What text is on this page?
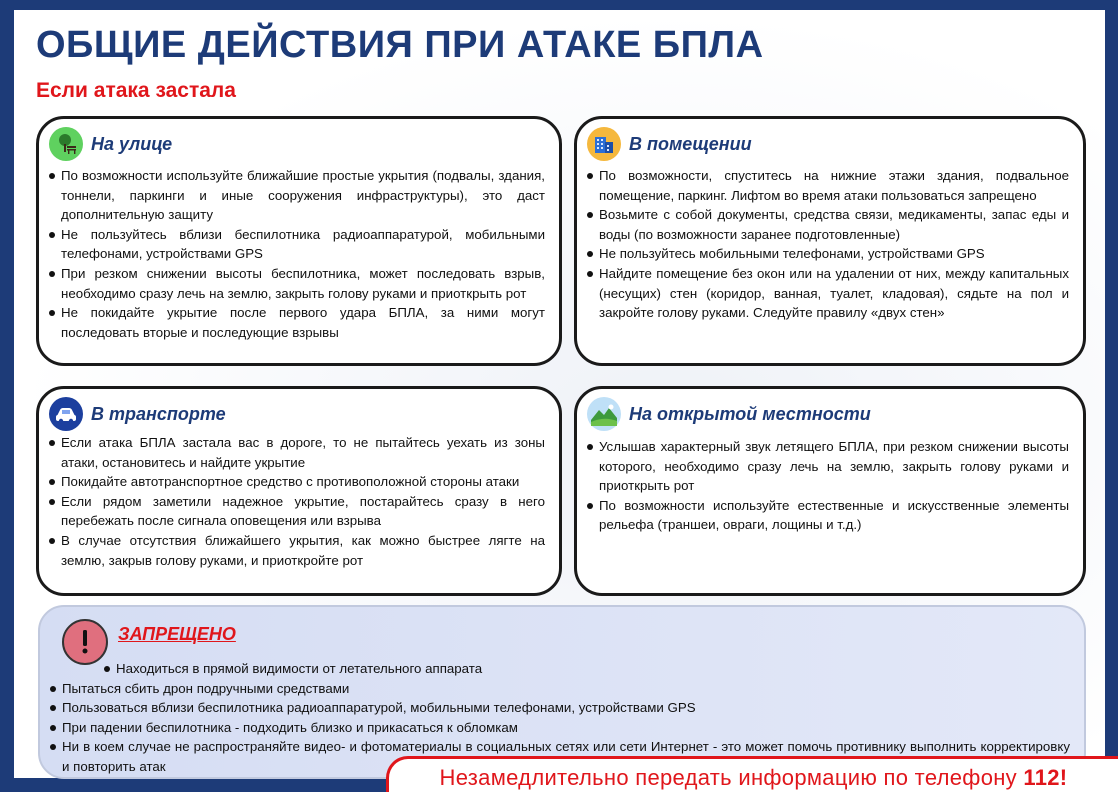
ОБЩИЕ ДЕЙСТВИЯ ПРИ АТАКЕ БПЛА
Если атака застала
На улице
По возможности используйте ближайшие простые укрытия (подвалы, здания, тоннели, паркинги и иные сооружения инфраструктуры), это даст дополнительную защиту
Не пользуйтесь вблизи беспилотника радиоаппаратурой, мобильными телефонами, устройствами GPS
При резком снижении высоты беспилотника, может последовать взрыв, необходимо сразу лечь на землю, закрыть голову руками и приоткрыть рот
Не покидайте укрытие после первого удара БПЛА, за ними могут последовать вторые и последующие взрывы
В помещении
По возможности, спуститесь на нижние этажи здания, подвальное помещение, паркинг. Лифтом во время атаки пользоваться запрещено
Возьмите с собой документы, средства связи, медикаменты, запас еды и воды (по возможности заранее подготовленные)
Не пользуйтесь мобильными телефонами, устройствами GPS
Найдите помещение без окон или на удалении от них, между капитальных (несущих) стен (коридор, ванная, туалет, кладовая), сядьте на пол и закройте голову руками. Следуйте правилу «двух стен»
В транспорте
Если атака БПЛА застала вас в дороге, то не пытайтесь уехать из зоны атаки, остановитесь и найдите укрытие
Покидайте автотранспортное средство с противоположной стороны атаки
Если рядом заметили надежное укрытие, постарайтесь сразу в него перебежать после сигнала оповещения или взрыва
В случае отсутствия ближайшего укрытия, как можно быстрее лягте на землю, закрыв голову руками, и приоткройте рот
На открытой местности
Услышав характерный звук летящего БПЛА, при резком снижении высоты которого, необходимо сразу лечь на землю, закрыть голову руками и приоткрыть рот
По возможности используйте естественные и искусственные элементы рельефа (траншеи, овраги, лощины и т.д.)
ЗАПРЕЩЕНО
Находиться в прямой видимости от летательного аппарата
Пытаться сбить дрон подручными средствами
Пользоваться вблизи беспилотника радиоаппаратурой, мобильными телефонами, устройствами GPS
При падении беспилотника - подходить близко и прикасаться к обломкам
Ни в коем случае не распространяйте видео- и фотоматериалы в социальных сетях или сети Интернет - это может помочь противнику выполнить корректировку и повторить атак	Незамедлительно передать информацию по телефону 112!
